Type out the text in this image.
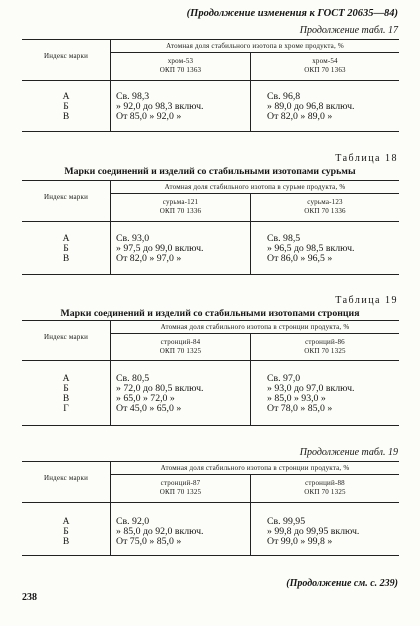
(Продолжение изменения к ГОСТ 20635—84)
Продолжение табл. 17
Индекс марки
Атомная доля стабильного изотопа в хроме продукта, %
хром-53
ОКП 70 1363
хром-54
ОКП 70 1363
А
Б
В
Св. 98,3
» 92,0 до 98,3 включ.
От 85,0 » 92,0 »
Св. 96,8
» 89,0 до 96,8 включ.
От 82,0 » 89,0 »
Таблица 18
Марки соединений и изделий со стабильными изотопами сурьмы
Индекс марки
Атомная доля стабильного изотопа в сурьме продукта, %
сурьма-121
ОКП 70 1336
сурьма-123
ОКП 70 1336
А
Б
В
Св. 93,0
» 97,5 до 99,0 включ.
От 82,0 » 97,0 »
Св. 98,5
» 96,5 до 98,5 включ.
От 86,0 » 96,5 »
Таблица 19
Марки соединений и изделий со стабильными изотопами стронция
Индекс марки
Атомная доля стабильного изотопа в стронции продукта, %
стронций-84
ОКП 70 1325
стронций-86
ОКП 70 1325
А
Б
В
Г
Св. 80,5
» 72,0 до 80,5 включ.
» 65,0 » 72,0 »
От 45,0 » 65,0 »
Св. 97,0
» 93,0 до 97,0 включ.
» 85,0 » 93,0 »
От 78,0 » 85,0 »
Продолжение табл. 19
Индекс марки
Атомная доля стабильного изотопа в стронции продукта, %
стронций-87
ОКП 70 1325
стронций-88
ОКП 70 1325
А
Б
В
Св. 92,0
» 85,0 до 92,0 включ.
От 75,0 » 85,0 »
Св. 99,95
» 99,8 до 99,95 включ.
От 99,0 » 99,8 »
(Продолжение см. с. 239)
238
